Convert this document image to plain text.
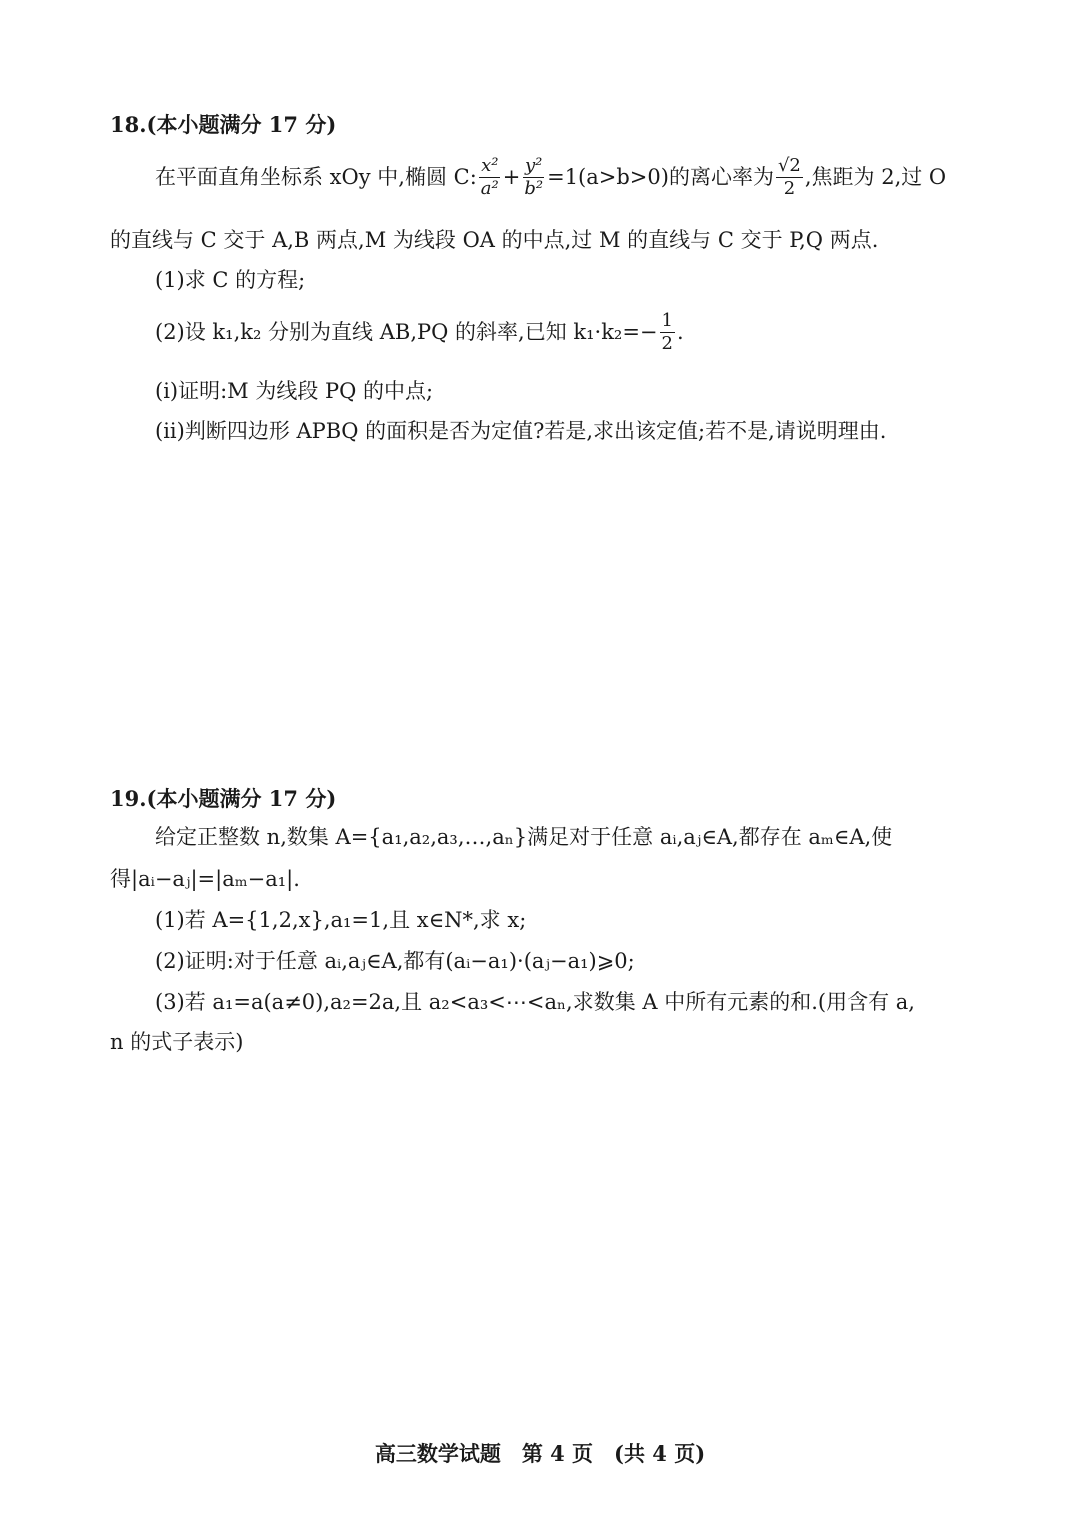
18.(本小题满分 17 分)
在平面直角坐标系 xOy 中,椭圆 C: $\frac{\text{x²}}{\text{a²}} + \frac{\text{y²}}{\text{b²}} =1(a>b>0)$的离心率为 $\frac{√2}{2}$ ,焦距为 2,过 O
的直线与 C 交于 A,B 两点,M 为线段 OA 的中点,过 M 的直线与 C 交于 P,Q 两点.
(1)求 C 的方程;
(2)设 k₁,k₂ 分别为直线 AB,PQ 的斜率,已知 $k_1\cdot k_2=- \frac{1}{2}$ .
(i)证明:M 为线段 PQ 的中点;
(ii)判断四边形 APBQ 的面积是否为定值?若是,求出该定值;若不是,请说明理由.
19.(本小题满分 17 分)
给定正整数 n,数集 A={a₁,a₂,a₃,…,aₙ}满足对于任意 aᵢ,aⱼ∈A,都存在 aₘ∈A,使
得|aᵢ−aⱼ|=|aₘ−a₁|.
(1)若 A={1,2,x},a₁=1,且 x∈N*,求 x;
(2)证明:对于任意 aᵢ,aⱼ∈A,都有(aᵢ−a₁)·(aⱼ−a₁)⩾0;
(3)若 a₁=a(a≠0),a₂=2a,且 a₂<a₃<⋯<aₙ,求数集 A 中所有元素的和.(用含有 a,
n 的式子表示)
高三数学试题　第 4 页　(共 4 页)
